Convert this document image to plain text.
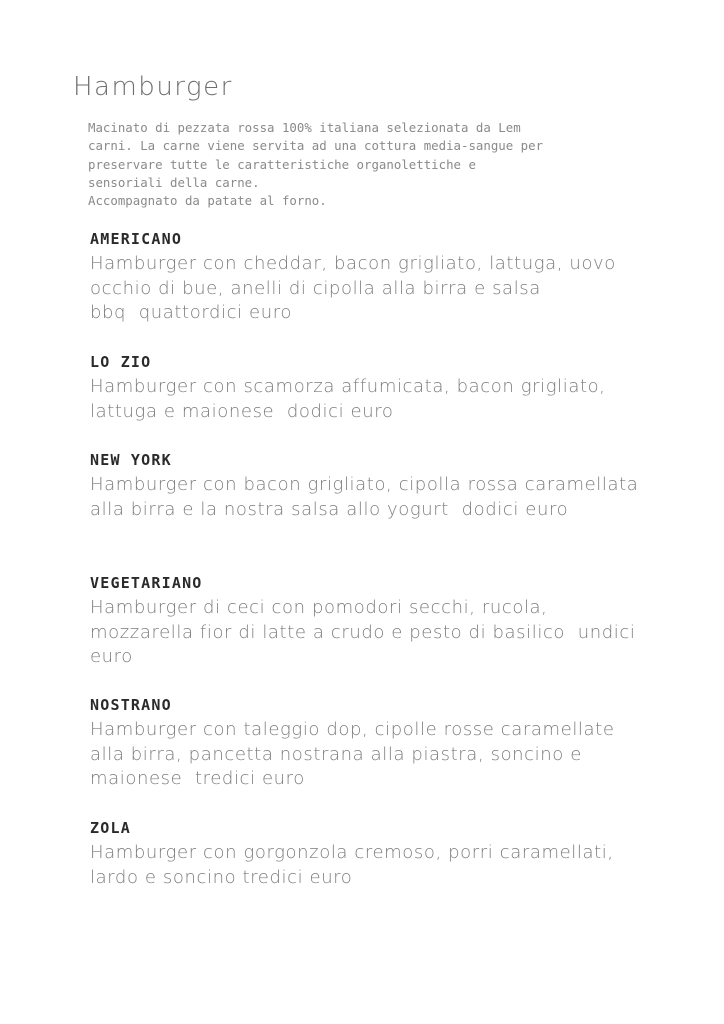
Hamburger

Macinato di pezzata rossa 100% italiana selezionata da Lem

carni. La carne viene servita ad una cottura media-sangue per

preservare tutte le caratteristiche organolettiche e

sensoriali della carne.

Accompagnato da patate al forno.

AMERICANO

Hamburger con cheddar, bacon grigliato, lattuga, uovo occhio di bue, anelli di cipolla alla birra e salsa bbq quattordici euro

LO ZIO

Hamburger con scamorza affumicata, bacon grigliato, lattuga e maionese dodici euro

NEW YORK

Hamburger con bacon grigliato, cipolla rossa caramellata alla birra e la nostra salsa allo yogurt dodici euro

VEGETARIANO

Hamburger di ceci con pomodori secchi, rucola, mozzarella fior di latte a crudo e pesto di basilico undici euro

NOSTRANO

Hamburger con taleggio dop, cipolle rosse caramellate alla birra, pancetta nostrana alla piastra, soncino e maionese tredici euro

ZOLA

Hamburger con gorgonzola cremoso, porri caramellati, lardo e soncino tredici euro
